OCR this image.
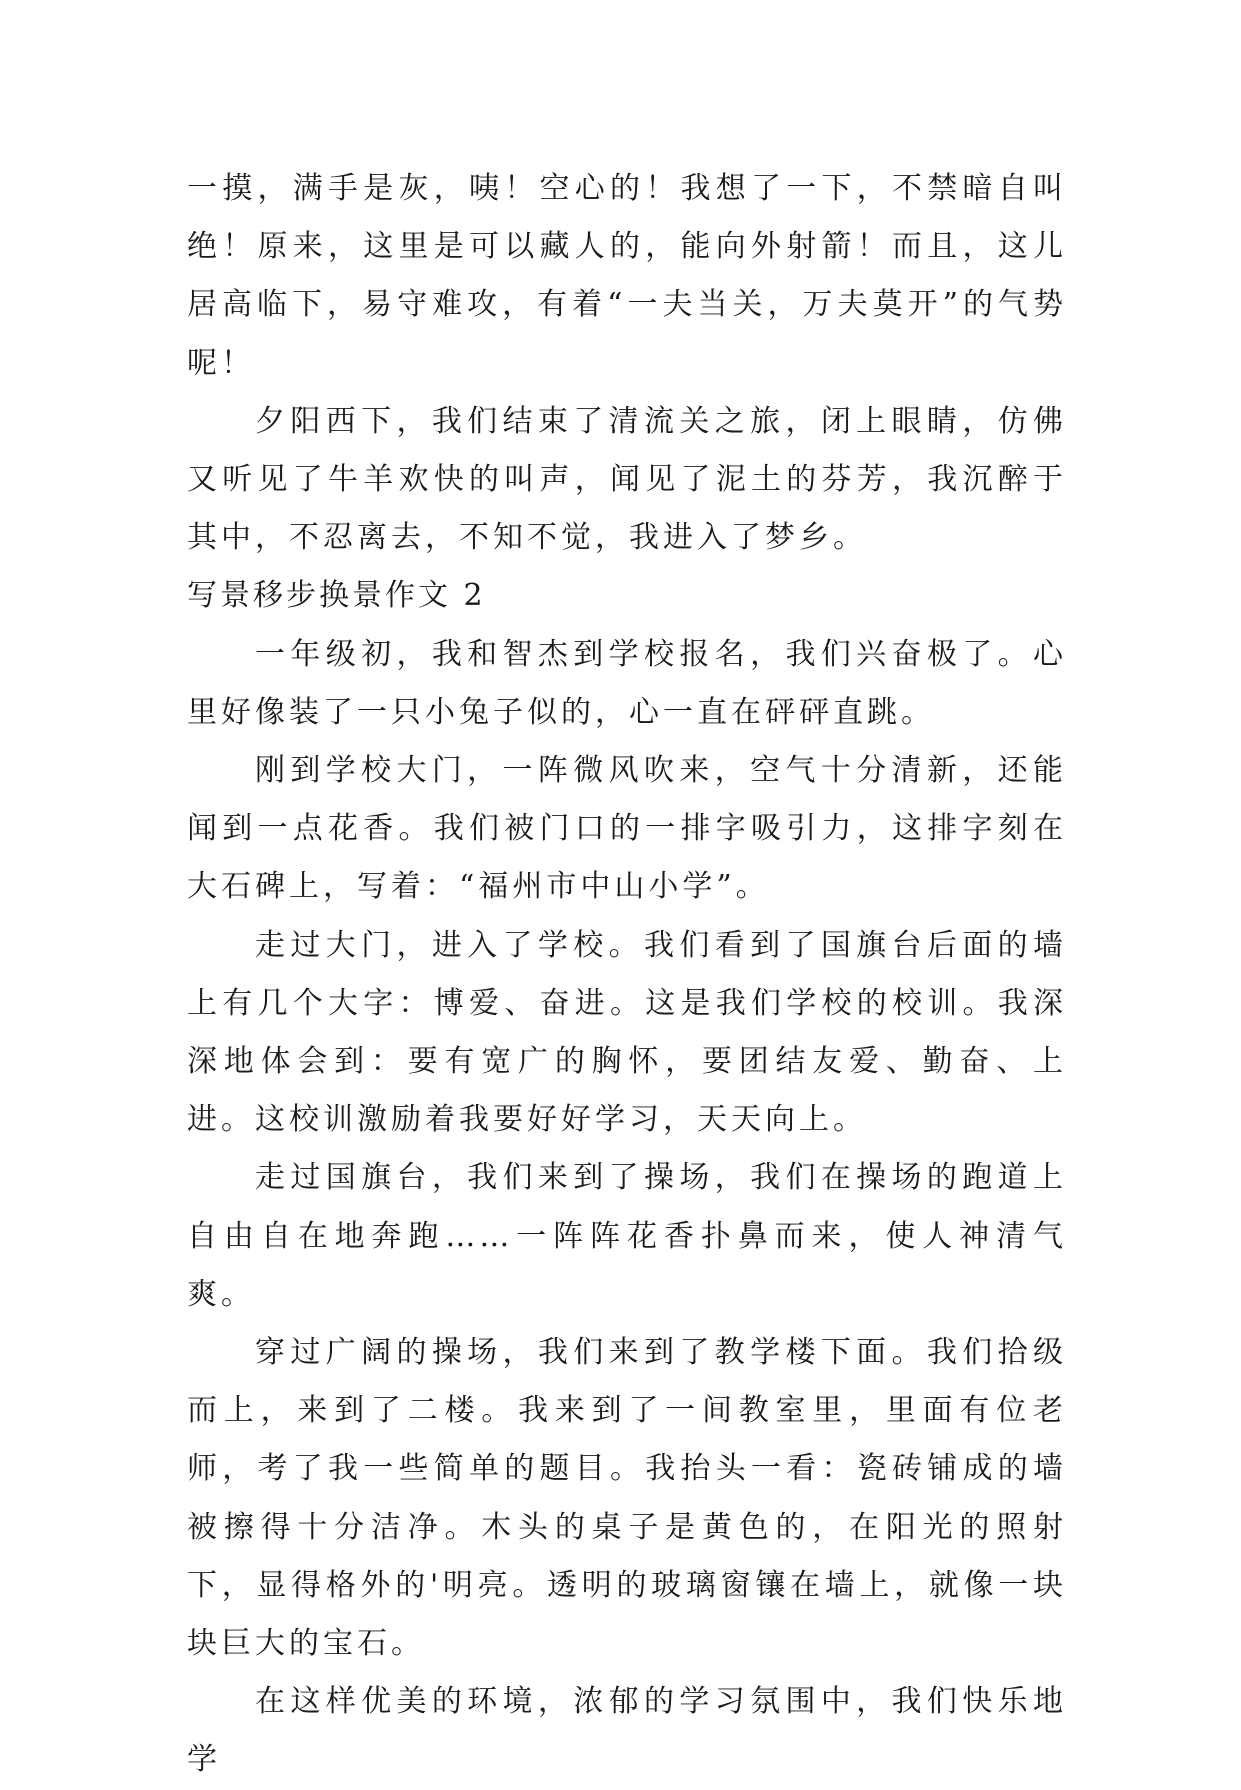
一摸，满手是灰，咦！空心的！我想了一下，不禁暗自叫绝！原来，这里是可以藏人的，能向外射箭！而且，这儿居高临下，易守难攻，有着“一夫当关，万夫莫开”的气势呢！

夕阳西下，我们结束了清流关之旅，闭上眼睛，仿佛又听见了牛羊欢快的叫声，闻见了泥土的芬芳，我沉醉于其中，不忍离去，不知不觉，我进入了梦乡。

写景移步换景作文 2

一年级初，我和智杰到学校报名，我们兴奋极了。心里好像装了一只小兔子似的，心一直在砰砰直跳。

刚到学校大门，一阵微风吹来，空气十分清新，还能闻到一点花香。我们被门口的一排字吸引力，这排字刻在大石碑上，写着：“福州市中山小学”。

走过大门，进入了学校。我们看到了国旗台后面的墙上有几个大字：博爱、奋进。这是我们学校的校训。我深深地体会到：要有宽广的胸怀，要团结友爱、勤奋、上进。这校训激励着我要好好学习，天天向上。

走过国旗台，我们来到了操场，我们在操场的跑道上自由自在地奔跑……一阵阵花香扑鼻而来，使人神清气爽。

穿过广阔的操场，我们来到了教学楼下面。我们拾级而上，来到了二楼。我来到了一间教室里，里面有位老师，考了我一些简单的题目。我抬头一看：瓷砖铺成的墙被擦得十分洁净。木头的桌子是黄色的，在阳光的照射下，显得格外的'明亮。透明的玻璃窗镶在墙上，就像一块块巨大的宝石。

在这样优美的环境，浓郁的学习氛围中，我们快乐地学
